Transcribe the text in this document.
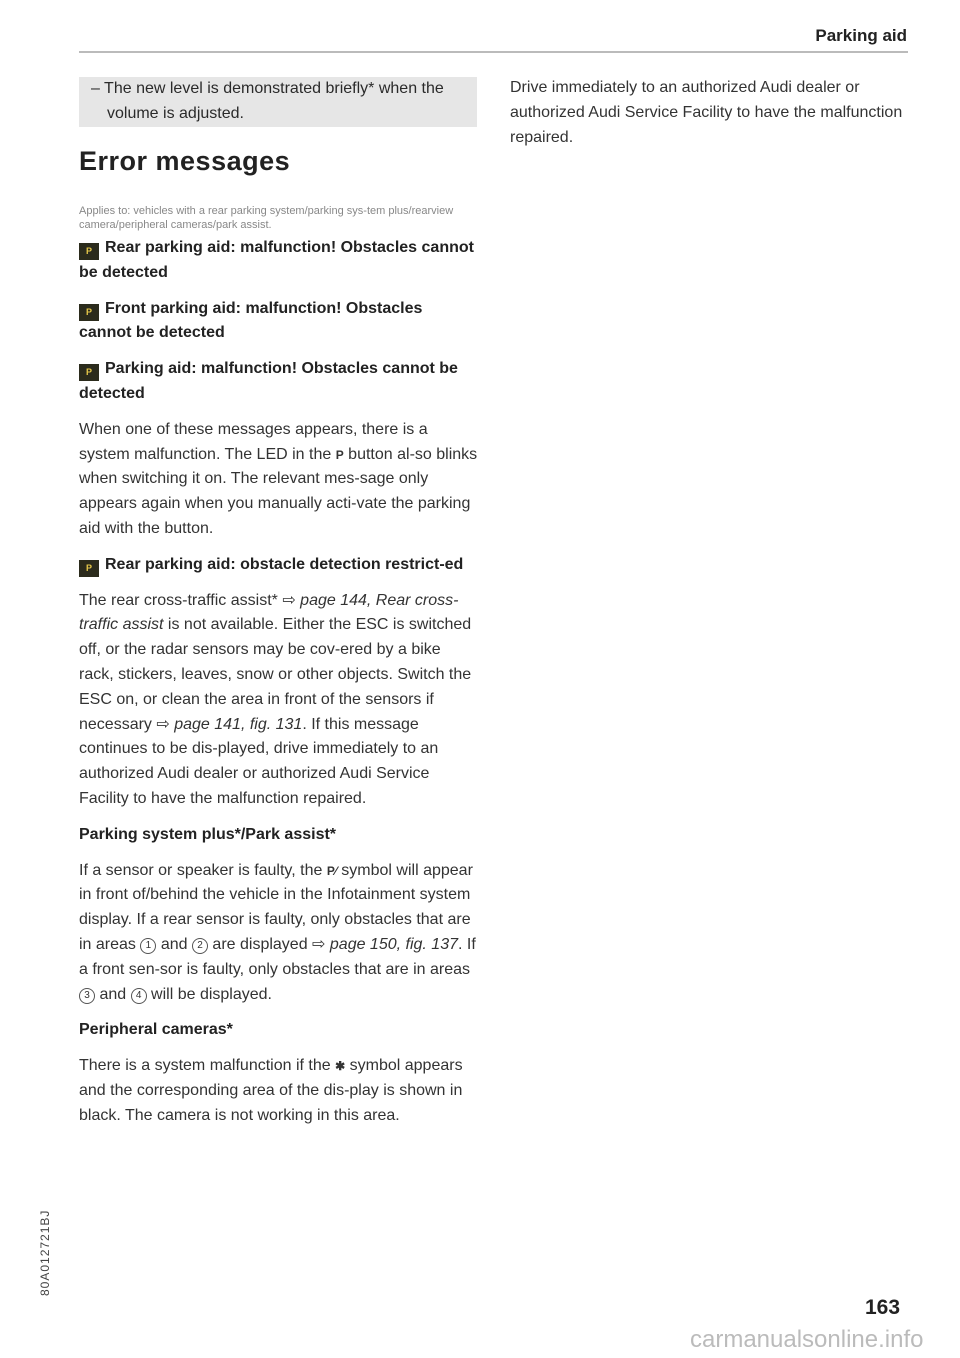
Parking aid

– The new level is demonstrated briefly* when the volume is adjusted.

Error messages
Applies to: vehicles with a rear parking system/parking sys-tem plus/rearview camera/peripheral cameras/park assist.
P Rear parking aid: malfunction! Obstacles cannot be detected
P Front parking aid: malfunction! Obstacles cannot be detected
P Parking aid: malfunction! Obstacles cannot be detected

When one of these messages appears, there is a system malfunction. The LED in the P button al-so blinks when switching it on. The relevant mes-sage only appears again when you manually acti-vate the parking aid with the button.

P Rear parking aid: obstacle detection restrict-ed

The rear cross-traffic assist* ⇨ page 144, Rear cross-traffic assist is not available. Either the ESC is switched off, or the radar sensors may be cov-ered by a bike rack, stickers, leaves, snow or other objects. Switch the ESC on, or clean the area in front of the sensors if necessary ⇨ page 141, fig. 131. If this message continues to be dis-played, drive immediately to an authorized Audi dealer or authorized Audi Service Facility to have the malfunction repaired.

Parking system plus*/Park assist*

If a sensor or speaker is faulty, the P⁄ symbol will appear in front of/behind the vehicle in the Infotainment system display. If a rear sensor is faulty, only obstacles that are in areas 1 and 2 are displayed ⇨ page 150, fig. 137. If a front sen-sor is faulty, only obstacles that are in areas 3 and 4 will be displayed.

Peripheral cameras*

There is a system malfunction if the ✱ symbol appears and the corresponding area of the dis-play is shown in black. The camera is not working in this area.

Drive immediately to an authorized Audi dealer or authorized Audi Service Facility to have the malfunction repaired.
80A012721BJ
163
carmanualsonline.info
